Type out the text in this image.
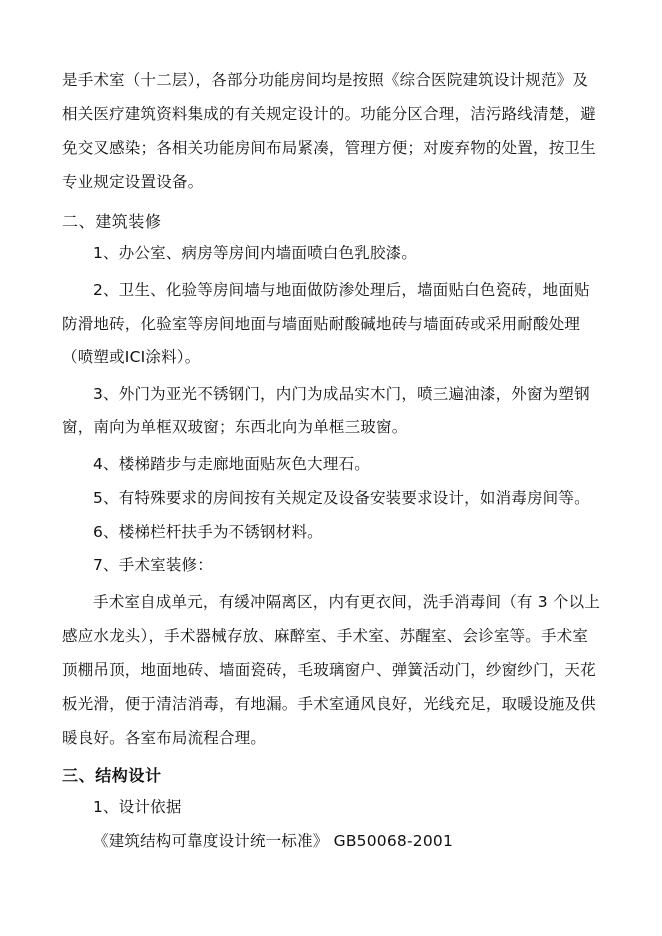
是手术室（十二层），各部分功能房间均是按照《综合医院建筑设计规范》及
相关医疗建筑资料集成的有关规定设计的。功能分区合理，洁污路线清楚，避
免交叉感染；各相关功能房间布局紧凑，管理方便；对废弃物的处置，按卫生
专业规定设置设备。
二、建筑装修
1、办公室、病房等房间内墙面喷白色乳胶漆。
2、卫生、化验等房间墙与地面做防渗处理后，墙面贴白色瓷砖，地面贴
防滑地砖，化验室等房间地面与墙面贴耐酸碱地砖与墙面砖或采用耐酸处理
（喷塑或ICI涂料）。
3、外门为亚光不锈钢门，内门为成品实木门，喷三遍油漆，外窗为塑钢
窗，南向为单框双玻窗；东西北向为单框三玻窗。
4、楼梯踏步与走廊地面贴灰色大理石。
5、有特殊要求的房间按有关规定及设备安装要求设计，如消毒房间等。
6、楼梯栏杆扶手为不锈钢材料。
7、手术室装修：
手术室自成单元，有缓冲隔离区，内有更衣间，洗手消毒间（有 3 个以上
感应水龙头），手术器械存放、麻醉室、手术室、苏醒室、会诊室等。手术室
顶棚吊顶，地面地砖、墙面瓷砖，毛玻璃窗户、弹簧活动门，纱窗纱门，天花
板光滑，便于清洁消毒，有地漏。手术室通风良好，光线充足，取暖设施及供
暖良好。各室布局流程合理。
三、结构设计
1、设计依据
《建筑结构可靠度设计统一标准》 GB50068-2001
